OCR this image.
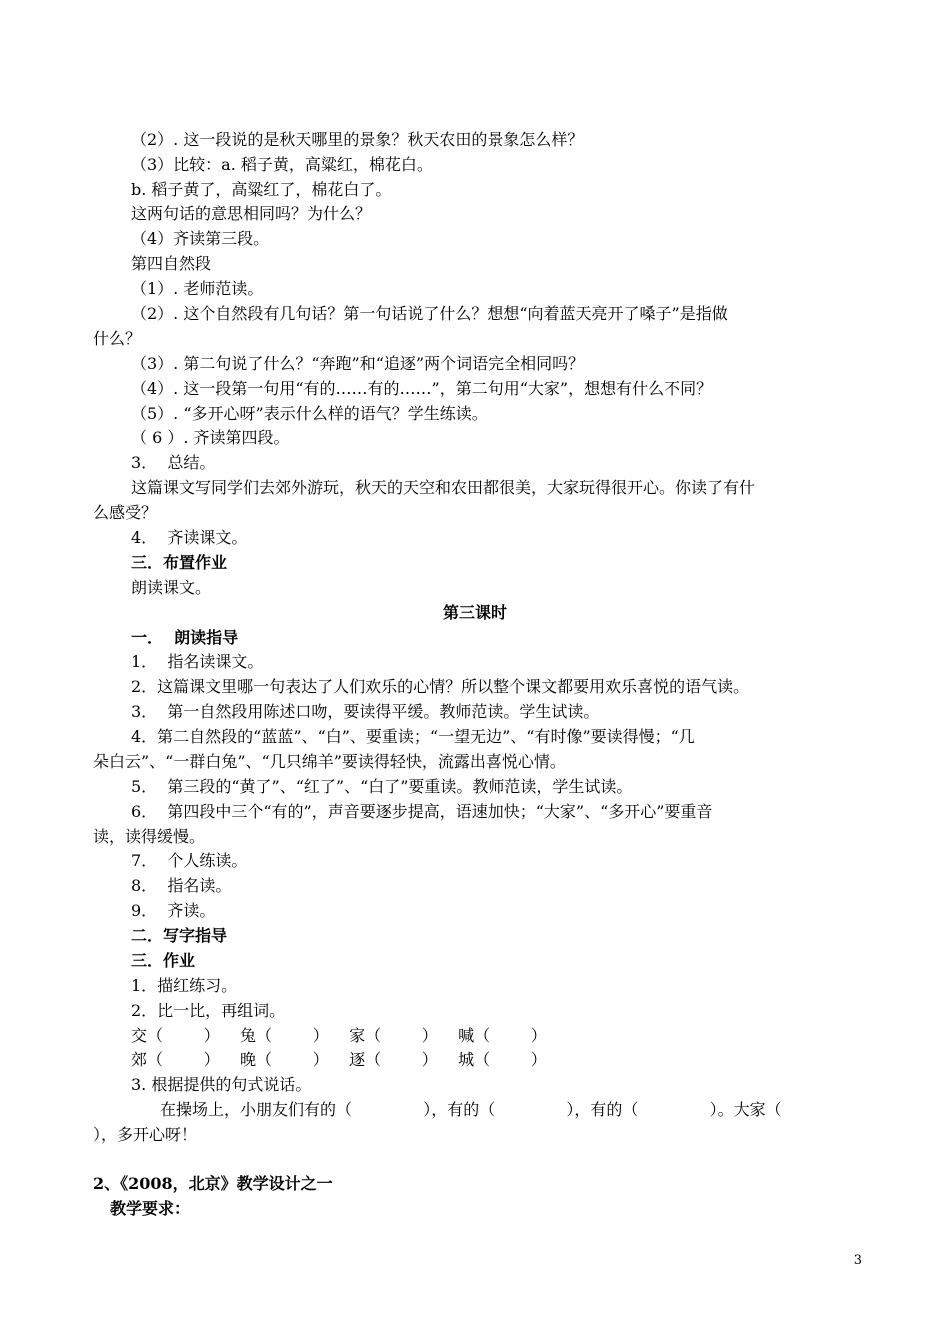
（2）. 这一段说的是秋天哪里的景象？秋天农田的景象怎么样？
（3）比较：a. 稻子黄，高粱红，棉花白。
b. 稻子黄了，高粱红了，棉花白了。
这两句话的意思相同吗？为什么？
（4）齐读第三段。
第四自然段
（1）. 老师范读。
（2）. 这个自然段有几句话？第一句话说了什么？想想“向着蓝天亮开了嗓子”是指做
什么？
（3）. 第二句说了什么？“奔跑”和“追逐”两个词语完全相同吗？
（4）. 这一段第一句用“有的……有的……”，第二句用“大家”，想想有什么不同？
（5）. “多开心呀”表示什么样的语气？学生练读。
（ 6 ）. 齐读第四段。
3．  总结。
这篇课文写同学们去郊外游玩，秋天的天空和农田都很美，大家玩得很开心。你读了有什
么感受？
4．  齐读课文。
三．布置作业
朗读课文。
第三课时
一．  朗读指导
1．  指名读课文。
2．这篇课文里哪一句表达了人们欢乐的心情？所以整个课文都要用欢乐喜悦的语气读。
3．  第一自然段用陈述口吻，要读得平缓。教师范读。学生试读。
4．第二自然段的“蓝蓝”、“白”、要重读；“一望无边”、“有时像”要读得慢；“几
朵白云”、“一群白兔”、“几只绵羊”要读得轻快，流露出喜悦心情。
5．  第三段的“黄了”、“红了”、“白了”要重读。教师范读，学生试读。
6．  第四段中三个“有的”，声音要逐步提高，语速加快；“大家”、“多开心”要重音
读，读得缓慢。
7．  个人练读。
8．  指名读。
9．  齐读。
二．写字指导
三．作业
1．描红练习。
2．比一比，再组词。
交（        ）    兔（        ）    家（        ）    喊（        ）
郊（        ）    晚（        ）    逐（        ）    城（        ）
3. 根据提供的句式说话。
在操场上，小朋友们有的（              ），有的（              ），有的（              ）。大家（
），多开心呀！
2、《2008，北京》教学设计之一
教学要求：
3
